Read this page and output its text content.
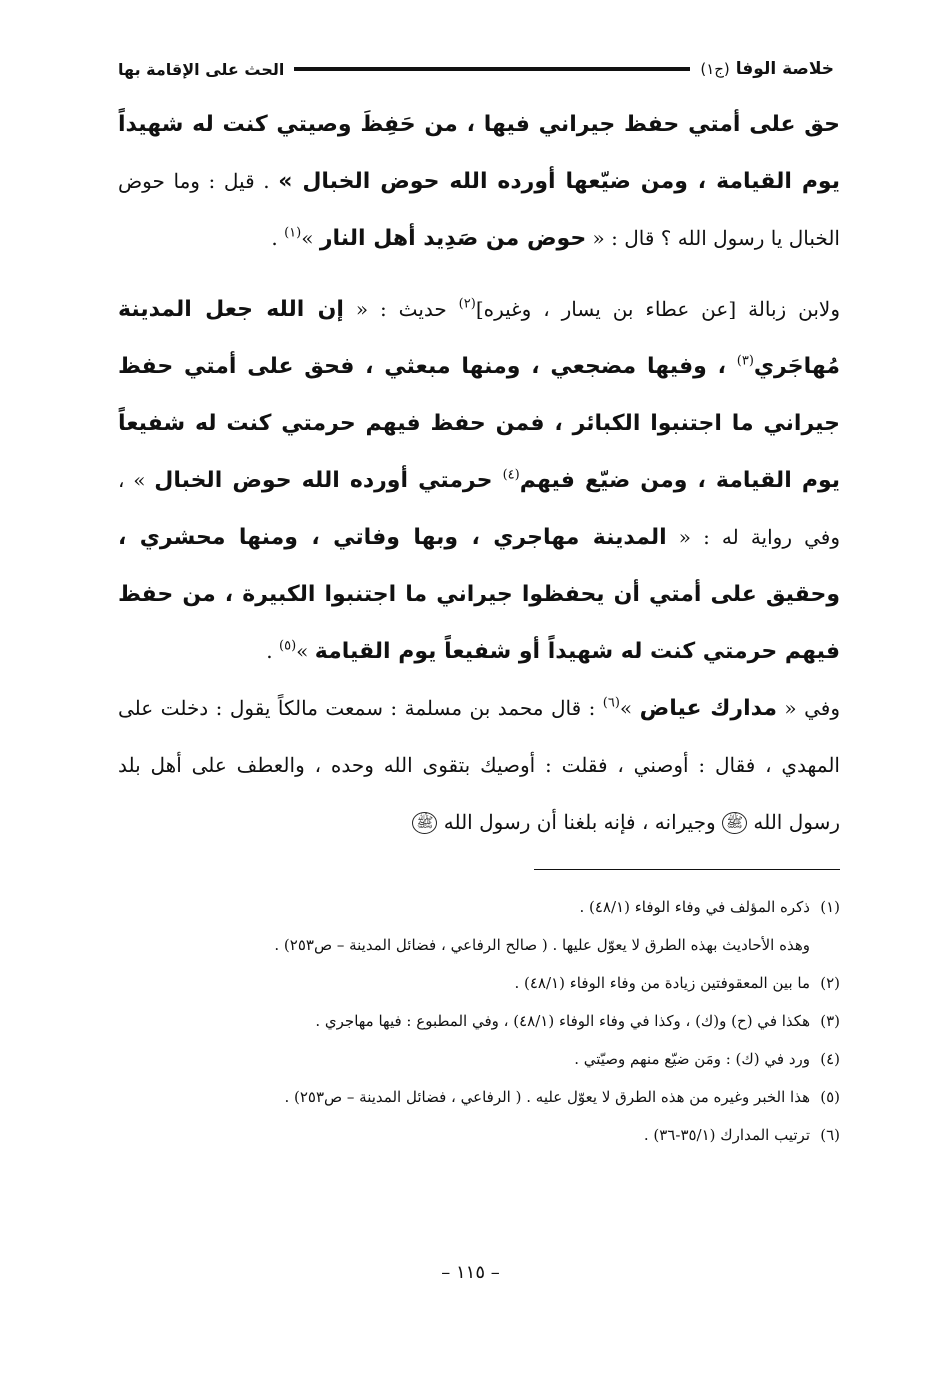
خلاصة الوفا
(ج١)
الحث على الإقامة بها

حق على أمتي حفظ جيراني فيها ، من حَفِظَ وصيتي كنت له شهيداً يوم القيامة ، ومن ضيّعها أورده الله حوض الخبال » . قيل : وما حوض الخبال يا رسول الله ؟ قال : « حوض من صَدِيد أهل النار »$^{(١)}$ .

ولابن زبالة [عن عطاء بن يسار ، وغيره]$^{(٢)}$ حديث : « إن الله جعل المدينة مُهاجَري$^{(٣)}$ ، وفيها مضجعي ، ومنها مبعثي ، فحق على أمتي حفظ جيراني ما اجتنبوا الكبائر ، فمن حفظ فيهم حرمتي كنت له شفيعاً يوم القيامة ، ومن ضيّع فيهم$^{(٤)}$ حرمتي أورده الله حوض الخبال » ، وفي رواية له : « المدينة مهاجري ، وبها وفاتي ، ومنها محشري ، وحقيق على أمتي أن يحفظوا جيراني ما اجتنبوا الكبيرة ، من حفظ فيهم حرمتي كنت له شهيداً أو شفيعاً يوم القيامة »$^{(٥)}$ .

وفي « مدارك عياض »$^{(٦)}$ : قال محمد بن مسلمة : سمعت مالكاً يقول : دخلت على المهدي ، فقال : أوصني ، فقلت : أوصيك بتقوى الله وحده ، والعطف على أهل بلد رسول الله ﷺ وجيرانه ، فإنه بلغنا أن رسول الله ﷺ

(١)ذكره المؤلف في وفاء الوفاء (٤٨/١) .

وهذه الأحاديث بهذه الطرق لا يعوّل عليها . ( صالح الرفاعي ، فضائل المدينة – ص٢٥٣) .

(٢)ما بين المعقوفتين زيادة من وفاء الوفاء (٤٨/١) .

(٣)هكذا في (ح) و(ك) ، وكذا في وفاء الوفاء (٤٨/١) ، وفي المطبوع : فيها مهاجري .

(٤)ورد في (ك) : ومَن ضيّع منهم وصيّتي .

(٥)هذا الخبر وغيره من هذه الطرق لا يعوّل عليه . ( الرفاعي ، فضائل المدينة – ص٢٥٣) .

(٦)ترتيب المدارك (٣٥/١-٣٦) .

– ١١٥ –
